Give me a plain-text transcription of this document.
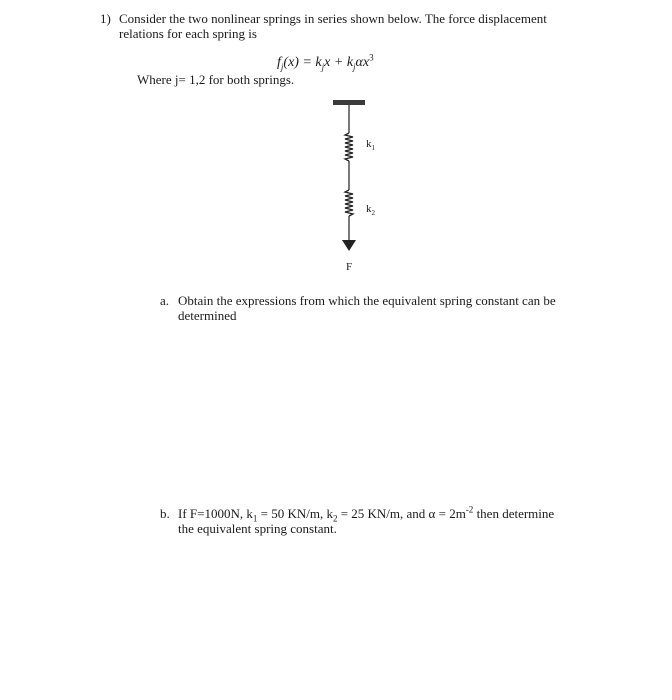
1) Consider the two nonlinear springs in series shown below. The force displacement
relations for each spring is
$f_j(x) = k_jx + k_j\alpha x^3$
Where j= 1,2 for both springs.
$k_1$
$k_2$
F
a. Obtain the expressions from which the equivalent spring constant can be
determined
b. If F=1000N, $k_1 = 50$ KN/m, $k_2 = 25$ KN/m, and $\alpha = 2m^{-2}$ then determine
the equivalent spring constant.
